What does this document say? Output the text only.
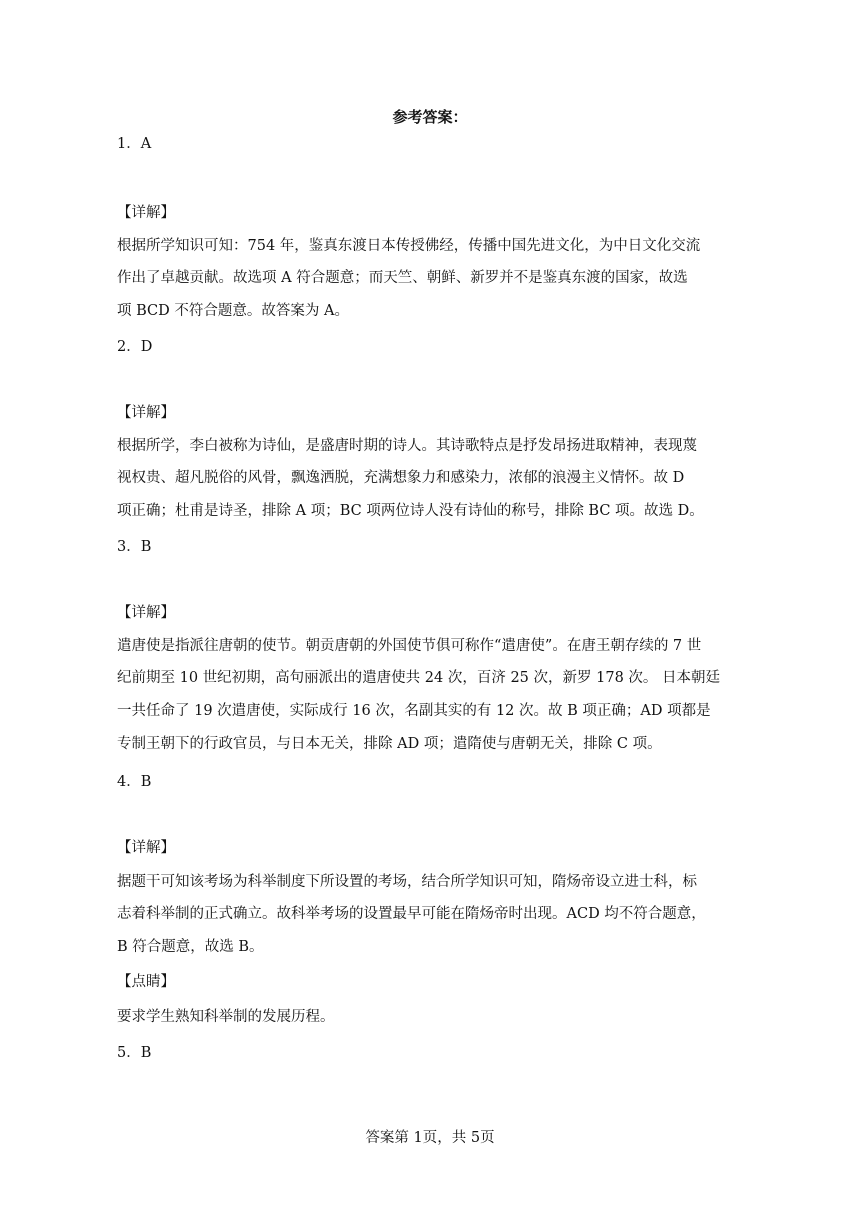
参考答案：
1．A
【详解】
根据所学知识可知：754 年，鉴真东渡日本传授佛经，传播中国先进文化，为中日文化交流
作出了卓越贡献。故选项 A 符合题意；而天竺、朝鲜、新罗并不是鉴真东渡的国家，故选
项 BCD 不符合题意。故答案为 A。
2．D
【详解】
根据所学，李白被称为诗仙，是盛唐时期的诗人。其诗歌特点是抒发昂扬进取精神，表现蔑
视权贵、超凡脱俗的风骨，飘逸洒脱，充满想象力和感染力，浓郁的浪漫主义情怀。故 D
项正确；杜甫是诗圣，排除 A 项；BC 项两位诗人没有诗仙的称号，排除 BC 项。故选 D。
3．B
【详解】
遣唐使是指派往唐朝的使节。朝贡唐朝的外国使节俱可称作“遣唐使”。在唐王朝存续的 7 世
纪前期至 10 世纪初期，高句丽派出的遣唐使共 24 次，百济 25 次，新罗 178 次。 日本朝廷
一共任命了 19 次遣唐使，实际成行 16 次，名副其实的有 12 次。故 B 项正确；AD 项都是
专制王朝下的行政官员，与日本无关，排除 AD 项；遣隋使与唐朝无关，排除 C 项。
4．B
【详解】
据题干可知该考场为科举制度下所设置的考场，结合所学知识可知，隋炀帝设立进士科，标
志着科举制的正式确立。故科举考场的设置最早可能在隋炀帝时出现。ACD 均不符合题意，
B 符合题意，故选 B。
【点睛】
要求学生熟知科举制的发展历程。
5．B
答案第 1页，共 5页
